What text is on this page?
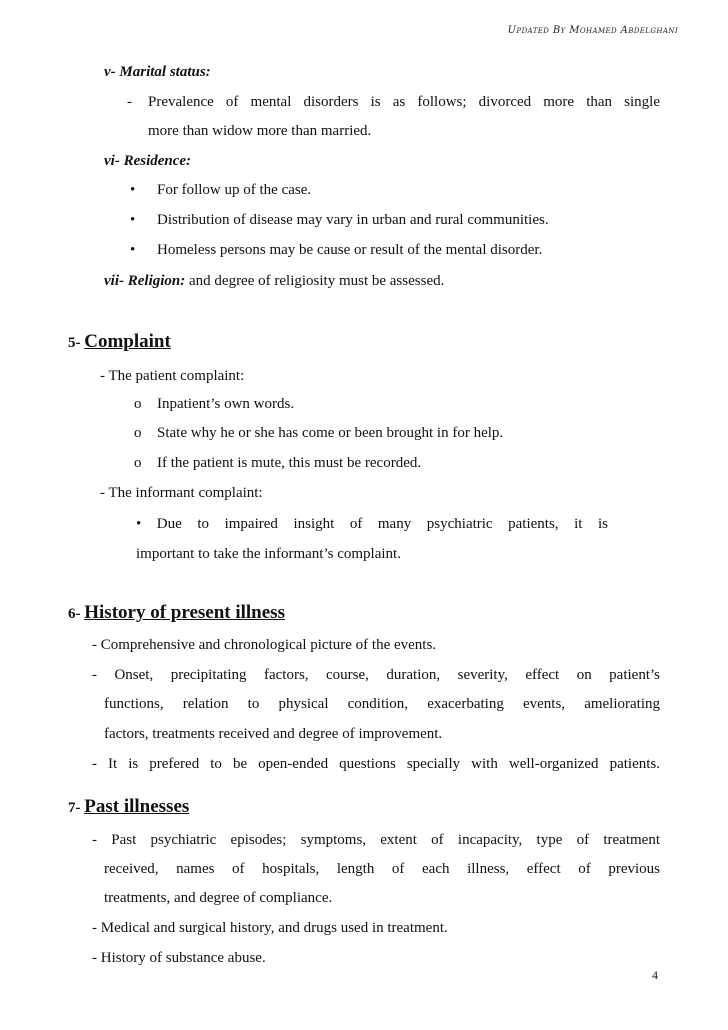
Updated By Mohamed Abdelghani
v- Marital status:
- Prevalence of mental disorders is as follows; divorced more than single
more than widow more than married.
vi- Residence:
• For follow up of the case.
• Distribution of disease may vary in urban and rural communities.
• Homeless persons may be cause or result of the mental disorder.
vii- Religion: and degree of religiosity must be assessed.
5- Complaint
- The patient complaint:
o Inpatient’s own words.
o State why he or she has come or been brought in for help.
o If the patient is mute, this must be recorded.
- The informant complaint:
• Due to impaired insight of many psychiatric patients, it is
important to take the informant’s complaint.
6- History of present illness
- Comprehensive and chronological picture of the events.
- Onset, precipitating factors, course, duration, severity, effect on patient’s
functions, relation to physical condition, exacerbating events, ameliorating
factors, treatments received and degree of improvement.
- It is prefered to be open-ended questions specially with well-organized patients.
7- Past illnesses
- Past psychiatric episodes; symptoms, extent of incapacity, type of treatment
received, names of hospitals, length of each illness, effect of previous
treatments, and degree of compliance.
- Medical and surgical history, and drugs used in treatment.
- History of substance abuse.
4
